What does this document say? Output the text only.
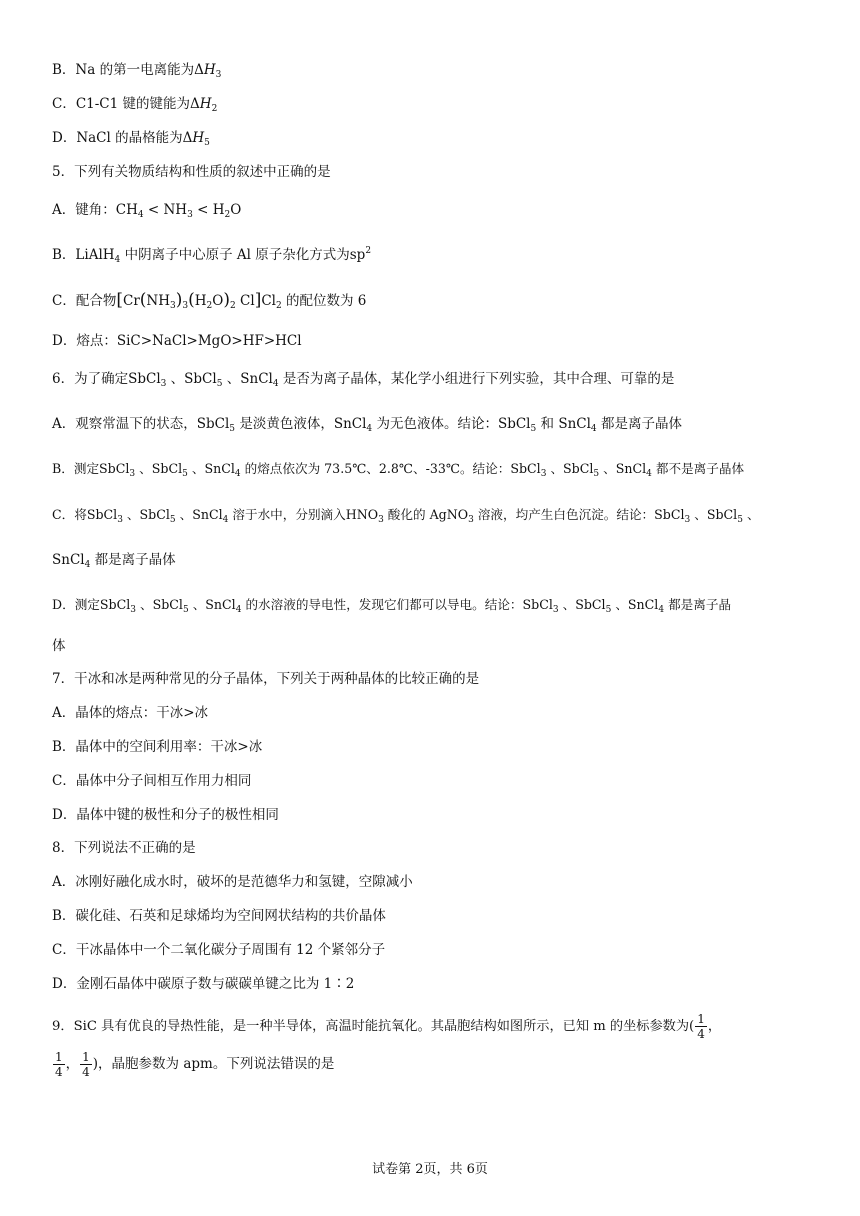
B．Na 的第一电离能为$\Delta H_3$
C．C1-C1 键的键能为$\Delta H_2$
D．NaCl 的晶格能为$\Delta H_5$
5．下列有关物质结构和性质的叙述中正确的是
A．键角：$CH_4 < NH_3 < H_2O$
B．LiAlH$_4$ 中阴离子中心原子 Al 原子杂化方式为$sp^2$
C．配合物[$Cr(NH_3)_3(H_2O)_2$ $Cl]Cl_2$ 的配位数为 6
D．熔点：SiC>NaCl>MgO>HF>HCl
6．为了确定SbCl$_3$ 、SbCl$_5$ 、SnCl$_4$ 是否为离子晶体，某化学小组进行下列实验，其中合理、可靠的是
A．观察常温下的状态，SbCl$_5$ 是淡黄色液体，SnCl$_4$ 为无色液体。结论：SbCl$_5$ 和 SnCl$_4$ 都是离子晶体
B．测定SbCl$_3$ 、SbCl$_5$ 、SnCl$_4$ 的熔点依次为 73.5℃、2.8℃、-33℃。结论：SbCl$_3$ 、SbCl$_5$ 、SnCl$_4$ 都不是离子晶体
C．将SbCl$_3$ 、SbCl$_5$ 、SnCl$_4$ 溶于水中，分别滴入$HNO_3$ 酸化的 AgNO$_3$ 溶液，均产生白色沉淀。结论：SbCl$_3$ 、SbCl$_5$ 、
SnCl$_4$ 都是离子晶体
D．测定SbCl$_3$ 、SbCl$_5$ 、SnCl$_4$ 的水溶液的导电性，发现它们都可以导电。结论：SbCl$_3$ 、SbCl$_5$ 、SnCl$_4$ 都是离子晶
体
7．干冰和冰是两种常见的分子晶体，下列关于两种晶体的比较正确的是
A．晶体的熔点：干冰>冰
B．晶体中的空间利用率：干冰>冰
C．晶体中分子间相互作用力相同
D．晶体中键的极性和分子的极性相同
8．下列说法不正确的是
A．冰刚好融化成水时，破坏的是范德华力和氢键，空隙减小
B．碳化硅、石英和足球烯均为空间网状结构的共价晶体
C．干冰晶体中一个二氧化碳分子周围有 12 个紧邻分子
D．金刚石晶体中碳原子数与碳碳单键之比为 1∶2
9．SiC 具有优良的导热性能，是一种半导体，高温时能抗氧化。其晶胞结构如图所示，已知 m 的坐标参数为( $\frac{1}{4}$ ，
$\frac{1}{4}$ ， $\frac{1}{4}$ )，晶胞参数为 apm。下列说法错误的是
试卷第 2页，共 6页
